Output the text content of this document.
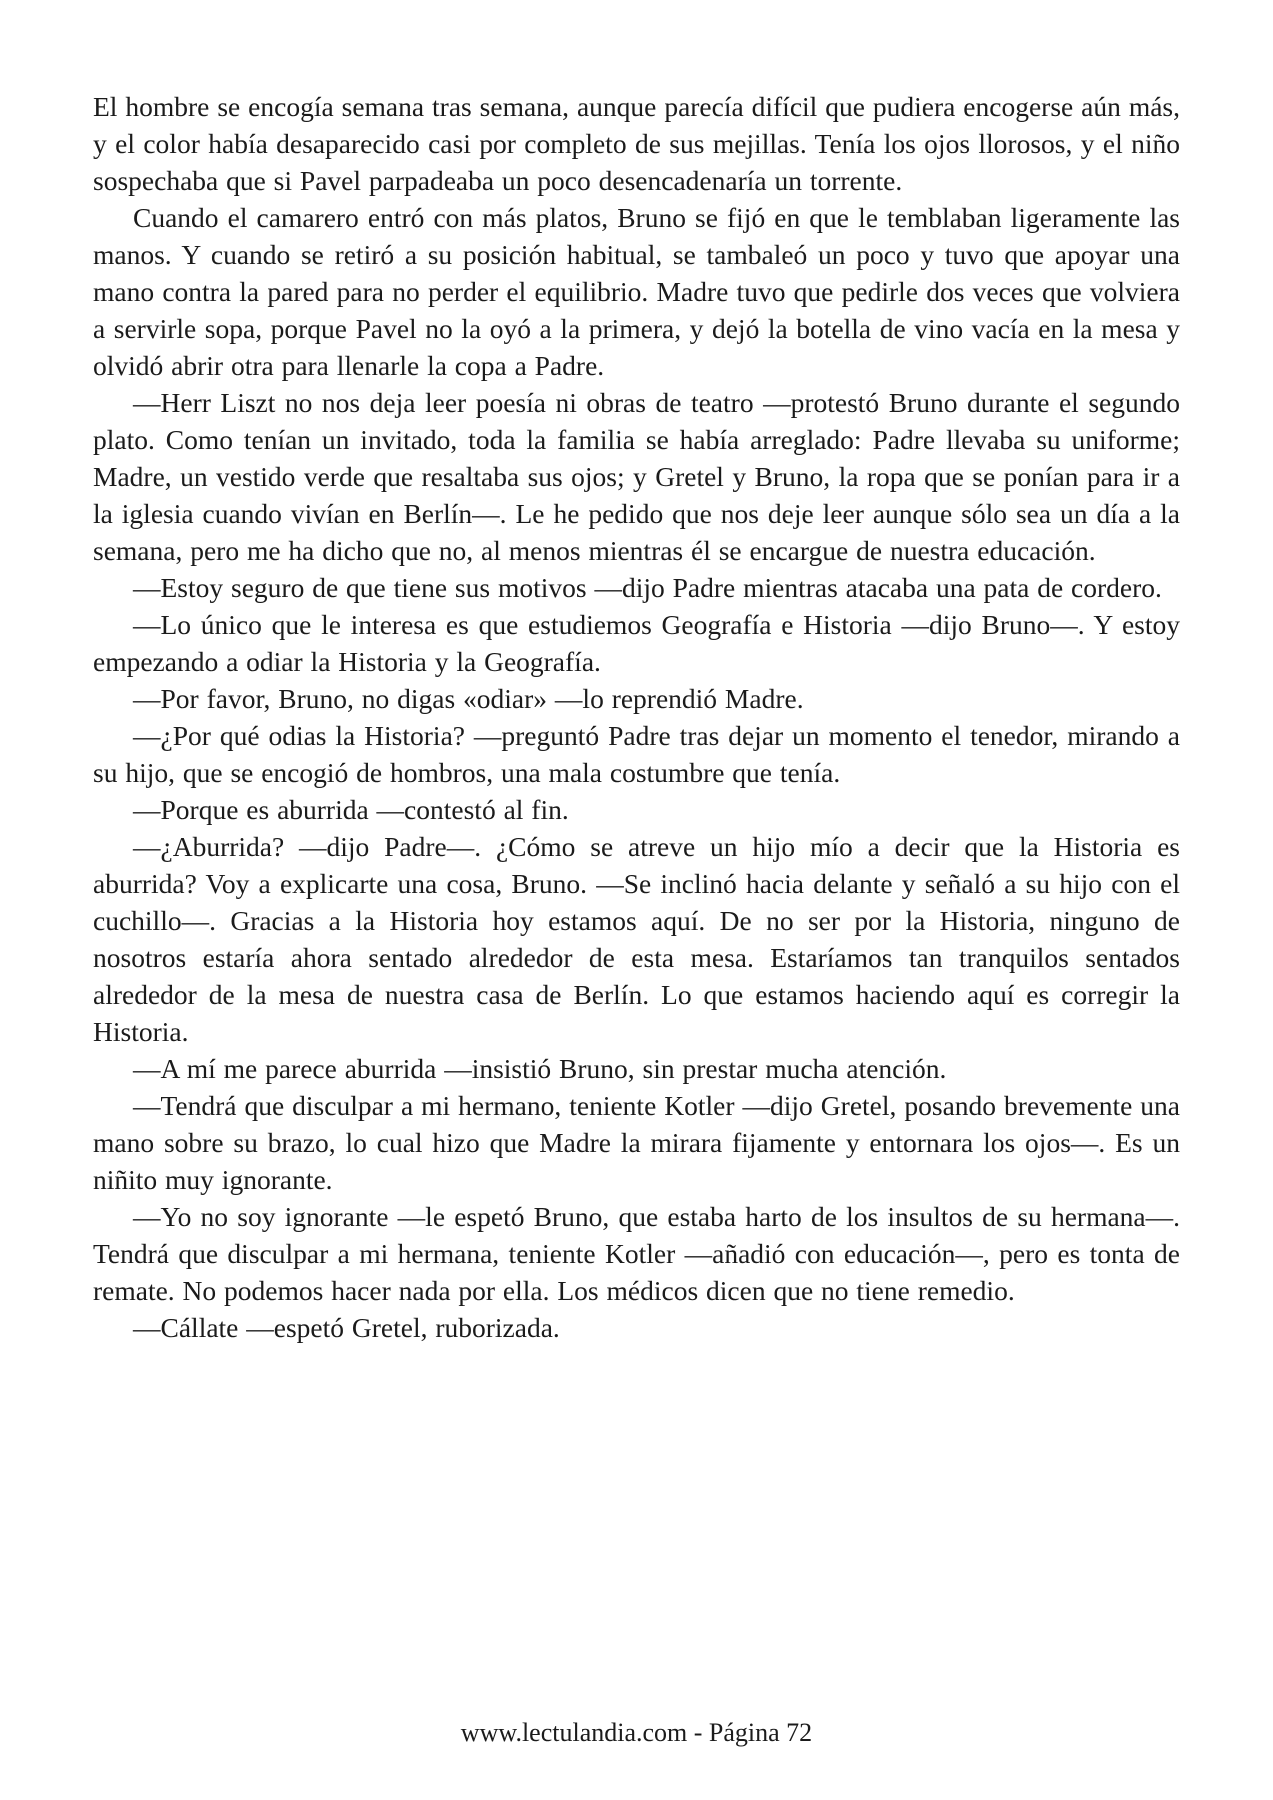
El hombre se encogía semana tras semana, aunque parecía difícil que pudiera encogerse aún más, y el color había desaparecido casi por completo de sus mejillas. Tenía los ojos llorosos, y el niño sospechaba que si Pavel parpadeaba un poco desencadenaría un torrente.

Cuando el camarero entró con más platos, Bruno se fijó en que le temblaban ligeramente las manos. Y cuando se retiró a su posición habitual, se tambaleó un poco y tuvo que apoyar una mano contra la pared para no perder el equilibrio. Madre tuvo que pedirle dos veces que volviera a servirle sopa, porque Pavel no la oyó a la primera, y dejó la botella de vino vacía en la mesa y olvidó abrir otra para llenarle la copa a Padre.

—Herr Liszt no nos deja leer poesía ni obras de teatro —protestó Bruno durante el segundo plato. Como tenían un invitado, toda la familia se había arreglado: Padre llevaba su uniforme; Madre, un vestido verde que resaltaba sus ojos; y Gretel y Bruno, la ropa que se ponían para ir a la iglesia cuando vivían en Berlín—. Le he pedido que nos deje leer aunque sólo sea un día a la semana, pero me ha dicho que no, al menos mientras él se encargue de nuestra educación.

—Estoy seguro de que tiene sus motivos —dijo Padre mientras atacaba una pata de cordero.

—Lo único que le interesa es que estudiemos Geografía e Historia —dijo Bruno—. Y estoy empezando a odiar la Historia y la Geografía.

—Por favor, Bruno, no digas «odiar» —lo reprendió Madre.

—¿Por qué odias la Historia? —preguntó Padre tras dejar un momento el tenedor, mirando a su hijo, que se encogió de hombros, una mala costumbre que tenía.

—Porque es aburrida —contestó al fin.

—¿Aburrida? —dijo Padre—. ¿Cómo se atreve un hijo mío a decir que la Historia es aburrida? Voy a explicarte una cosa, Bruno. —Se inclinó hacia delante y señaló a su hijo con el cuchillo—. Gracias a la Historia hoy estamos aquí. De no ser por la Historia, ninguno de nosotros estaría ahora sentado alrededor de esta mesa. Estaríamos tan tranquilos sentados alrededor de la mesa de nuestra casa de Berlín. Lo que estamos haciendo aquí es corregir la Historia.

—A mí me parece aburrida —insistió Bruno, sin prestar mucha atención.

—Tendrá que disculpar a mi hermano, teniente Kotler —dijo Gretel, posando brevemente una mano sobre su brazo, lo cual hizo que Madre la mirara fijamente y entornara los ojos—. Es un niñito muy ignorante.

—Yo no soy ignorante —le espetó Bruno, que estaba harto de los insultos de su hermana—. Tendrá que disculpar a mi hermana, teniente Kotler —añadió con educación—, pero es tonta de remate. No podemos hacer nada por ella. Los médicos dicen que no tiene remedio.

—Cállate —espetó Gretel, ruborizada.

www.lectulandia.com - Página 72
